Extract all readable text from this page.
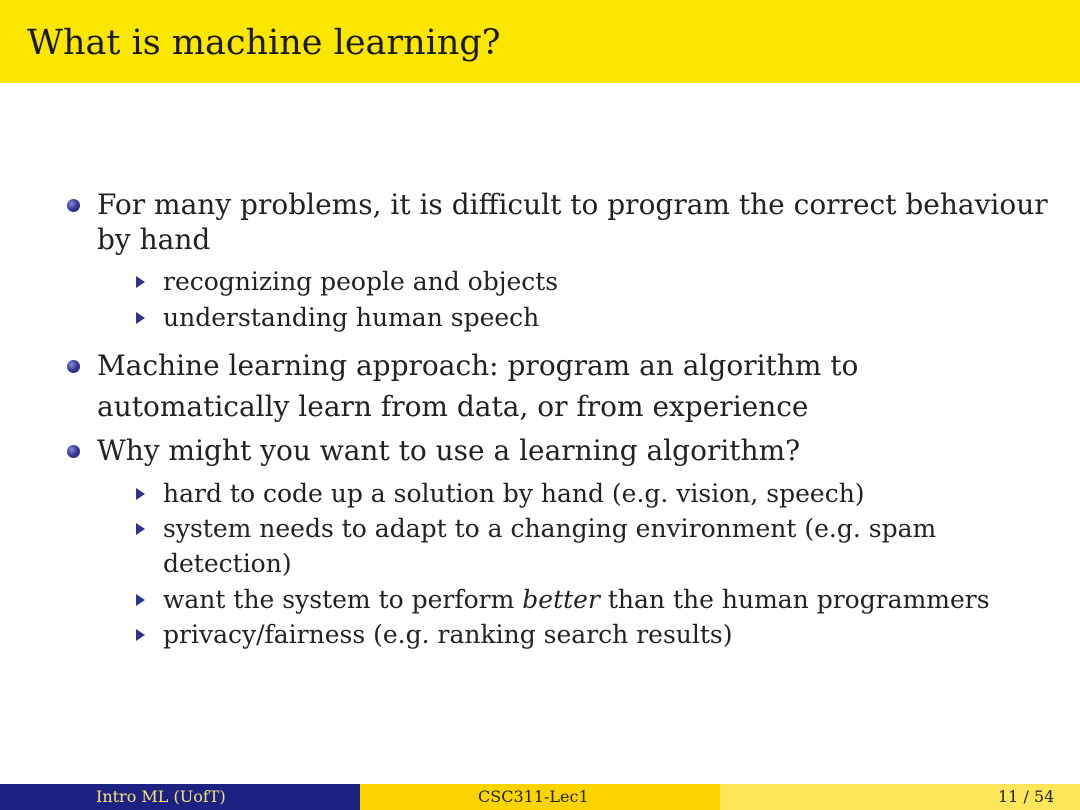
What is machine learning?
For many problems, it is difficult to program the correct behaviour
by hand
recognizing people and objects
understanding human speech
Machine learning approach: program an algorithm to
automatically learn from data, or from experience
Why might you want to use a learning algorithm?
hard to code up a solution by hand (e.g. vision, speech)
system needs to adapt to a changing environment (e.g. spam
detection)
want the system to perform better than the human programmers
privacy/fairness (e.g. ranking search results)
Intro ML (UofT)	CSC311-Lec1	11 / 54
